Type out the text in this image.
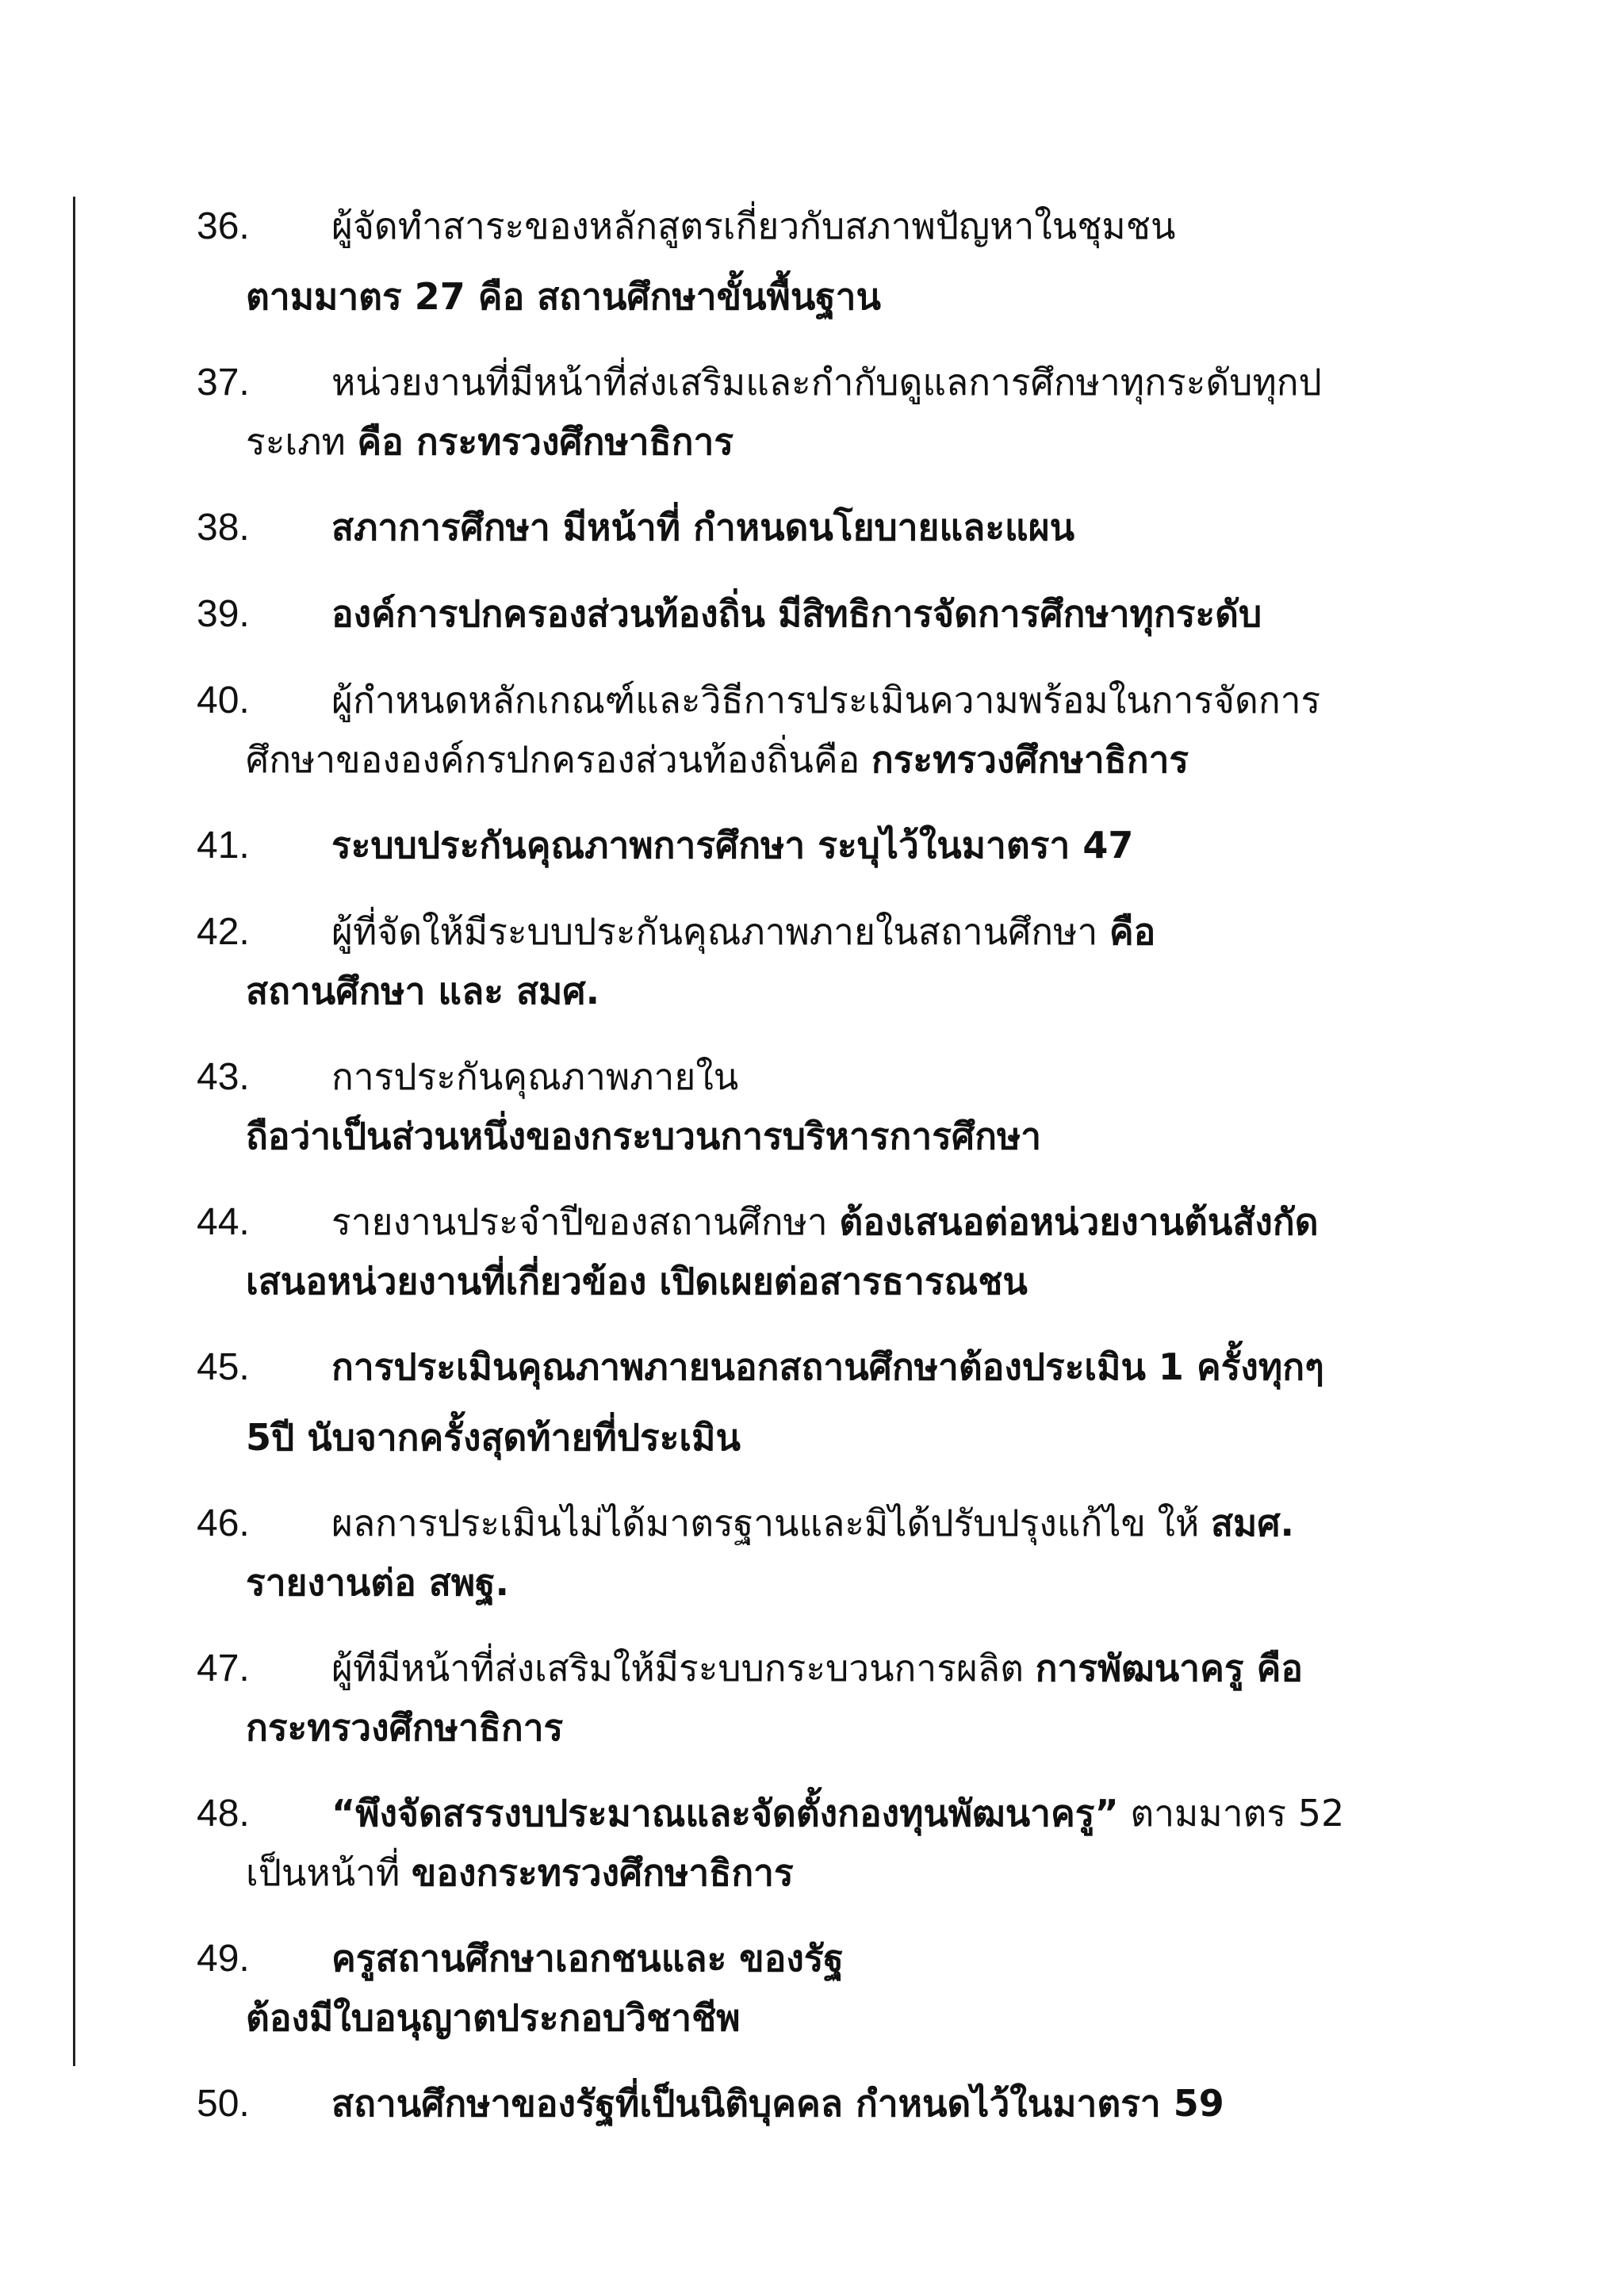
36.	ผู้จัดทำสาระของหลักสูตรเกี่ยวกับสภาพปัญหาในชุมชน
ตามมาตร 27 คือ สถานศึกษาขั้นพื้นฐาน
37.	หน่วยงานที่มีหน้าที่ส่งเสริมและกำกับดูแลการศึกษาทุกระดับทุกป
ระเภท คือ กระทรวงศึกษาธิการ
38.	สภาการศึกษา มีหน้าที่ กำหนดนโยบายและแผน
39.	องค์การปกครองส่วนท้องถิ่น มีสิทธิการจัดการศึกษาทุกระดับ
40.	ผู้กำหนดหลักเกณฑ์และวิธีการประเมินความพร้อมในการจัดการ
ศึกษาขององค์กรปกครองส่วนท้องถิ่นคือ กระทรวงศึกษาธิการ
41.	ระบบประกันคุณภาพการศึกษา ระบุไว้ในมาตรา 47
42.	ผู้ที่จัดให้มีระบบประกันคุณภาพภายในสถานศึกษา คือ
สถานศึกษา และ สมศ.
43.	การประกันคุณภาพภายใน
ถือว่าเป็นส่วนหนึ่งของกระบวนการบริหารการศึกษา
44.	รายงานประจำปีของสถานศึกษา ต้องเสนอต่อหน่วยงานต้นสังกัด
เสนอหน่วยงานที่เกี่ยวข้อง เปิดเผยต่อสารธารณชน
45.	การประเมินคุณภาพภายนอกสถานศึกษาต้องประเมิน 1 ครั้งทุกๆ
5ปี นับจากครั้งสุดท้ายที่ประเมิน
46.	ผลการประเมินไม่ได้มาตรฐานและมิได้ปรับปรุงแก้ไข ให้ สมศ.
รายงานต่อ สพฐ.
47.	ผู้ทีมีหน้าที่ส่งเสริมให้มีระบบกระบวนการผลิต การพัฒนาครู คือ
กระทรวงศึกษาธิการ
48.	“พึงจัดสรรงบประมาณและจัดตั้งกองทุนพัฒนาครู” ตามมาตร 52
เป็นหน้าที่ ของกระทรวงศึกษาธิการ
49.	ครูสถานศึกษาเอกชนและ ของรัฐ
ต้องมีใบอนุญาตประกอบวิชาชีพ
50.	สถานศึกษาของรัฐที่เป็นนิติบุคคล กำหนดไว้ในมาตรา 59
